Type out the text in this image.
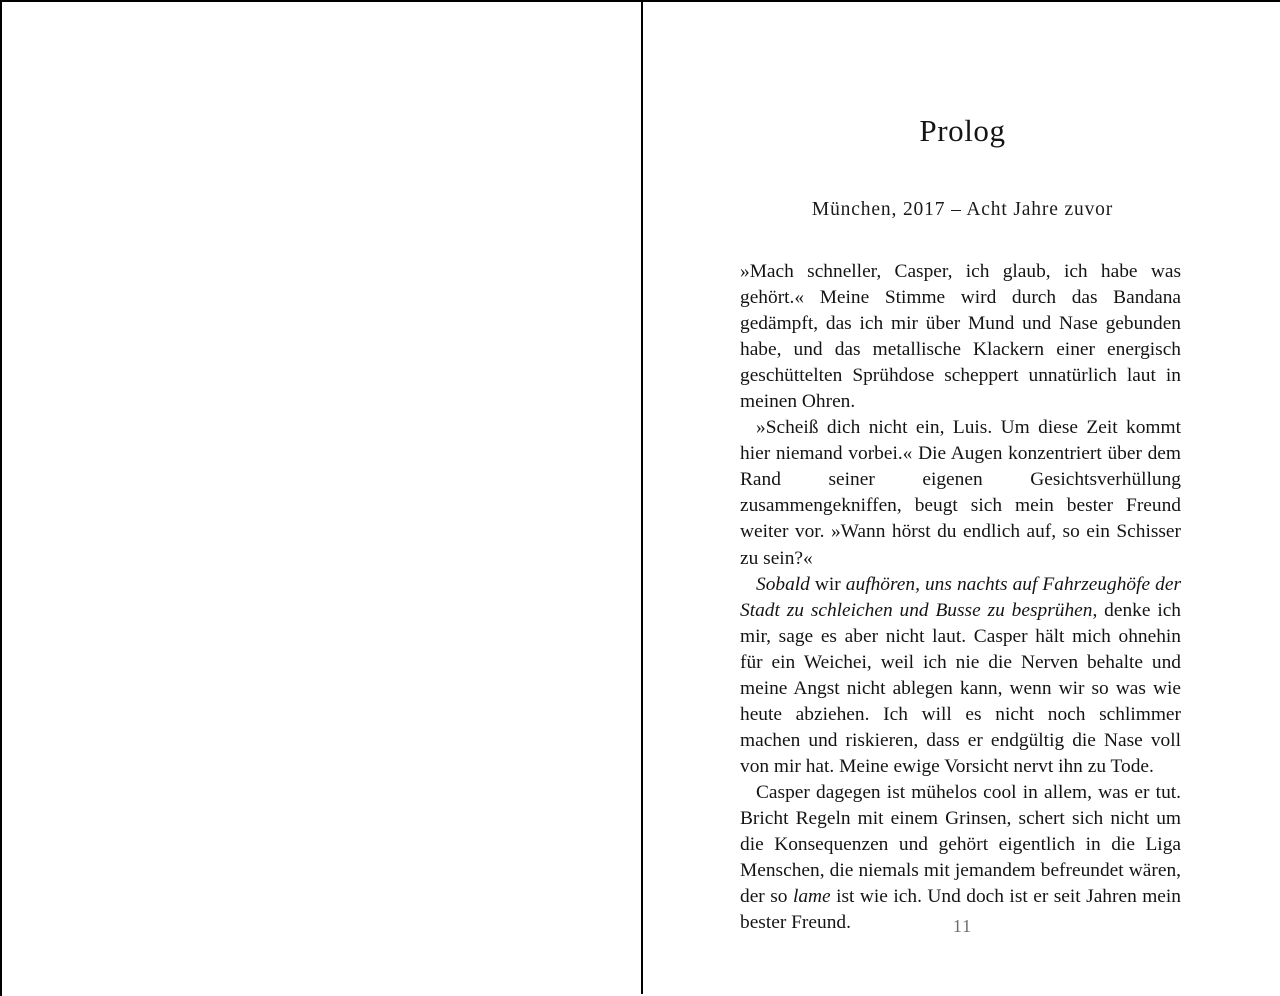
Prolog
München, 2017 – Acht Jahre zuvor

»Mach schneller, Casper, ich glaub, ich habe was gehört.« Meine Stimme wird durch das Bandana gedämpft, das ich mir über Mund und Nase gebunden habe, und das metallische Klackern einer energisch geschüttelten Sprühdose scheppert unnatürlich laut in meinen Ohren.

»Scheiß dich nicht ein, Luis. Um diese Zeit kommt hier niemand vorbei.« Die Augen konzentriert über dem Rand seiner eigenen Gesichtsverhüllung zusammengekniffen, beugt sich mein bester Freund weiter vor. »Wann hörst du endlich auf, so ein Schisser zu sein?«

Sobald wir aufhören, uns nachts auf Fahrzeughöfe der Stadt zu schleichen und Busse zu besprühen, denke ich mir, sage es aber nicht laut. Casper hält mich ohnehin für ein Weichei, weil ich nie die Nerven behalte und meine Angst nicht ablegen kann, wenn wir so was wie heute abziehen. Ich will es nicht noch schlimmer machen und riskieren, dass er endgültig die Nase voll von mir hat. Meine ewige Vorsicht nervt ihn zu Tode.

Casper dagegen ist mühelos cool in allem, was er tut. Bricht Regeln mit einem Grinsen, schert sich nicht um die Konsequenzen und gehört eigentlich in die Liga Menschen, die niemals mit jemandem befreundet wären, der so lame ist wie ich. Und doch ist er seit Jahren mein bester Freund.	11
